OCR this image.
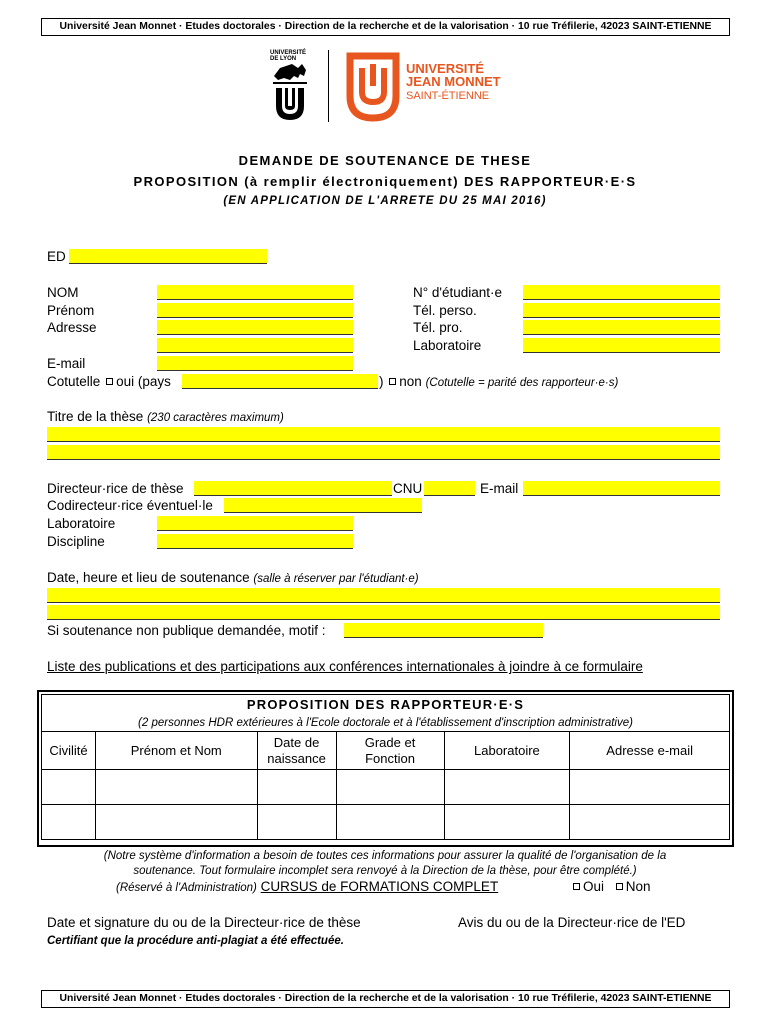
Université Jean Monnet · Etudes doctorales · Direction de la recherche et de la valorisation · 10 rue Tréfilerie, 42023 SAINT-ETIENNE
UNIVERSITÉ
DE LYON
UNIVERSITÉ
JEAN MONNET
SAINT-ÉTIENNE
DEMANDE DE SOUTENANCE DE THESE
PROPOSITION (à remplir électroniquement) DES RAPPORTEUR·E·S
(EN APPLICATION DE L'ARRETE DU 25 MAI 2016)
ED
NOM
Prénom
Adresse
E-mail
N° d'étudiant·e
Tél. perso.
Tél. pro.
Laboratoire
Cotutelle oui (pays	) non (Cotutelle = parité des rapporteur·e·s)
Titre de la thèse (230 caractères maximum)
Directeur·rice de thèse	CNU	E-mail
Codirecteur·rice éventuel·le
Laboratoire
Discipline
Date, heure et lieu de soutenance (salle à réserver par l'étudiant·e)
Si soutenance non publique demandée, motif :
Liste des publications et des participations aux conférences internationales à joindre à ce formulaire
PROPOSITION DES RAPPORTEUR·E·S					
(2 personnes HDR extérieures à l'Ecole doctorale et à l'établissement d'inscription administrative)					
Civilité	Prénom et Nom	Date de naissance	Grade et Fonction	Laboratoire	Adresse e-mail

(Notre système d'information a besoin de toutes ces informations pour assurer la qualité de l'organisation de la
soutenance. Tout formulaire incomplet sera renvoyé à la Direction de la thèse, pour être complété.)
(Réservé à l'Administration) CURSUS de FORMATIONS COMPLET	Oui Non
Date et signature du ou de la Directeur·rice de thèse
Certifiant que la procédure anti-plagiat a été effectuée.
Avis du ou de la Directeur·rice de l'ED
Université Jean Monnet · Etudes doctorales · Direction de la recherche et de la valorisation · 10 rue Tréfilerie, 42023 SAINT-ETIENNE
